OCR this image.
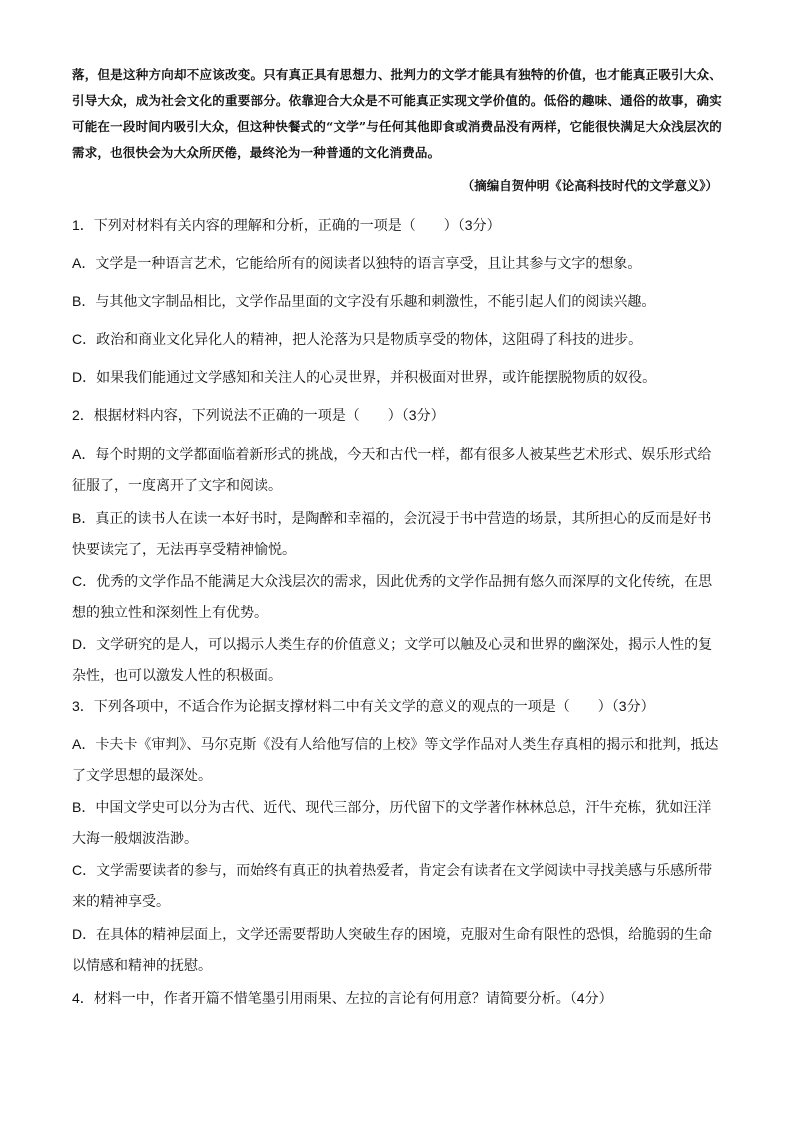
落，但是这种方向却不应该改变。只有真正具有思想力、批判力的文学才能具有独特的价值，也才能真正吸引大众、引导大众，成为社会文化的重要部分。依靠迎合大众是不可能真正实现文学价值的。低俗的趣味、通俗的故事，确实可能在一段时间内吸引大众，但这种快餐式的“文学”与任何其他即食或消费品没有两样，它能很快满足大众浅层次的需求，也很快会为大众所厌倦，最终沦为一种普通的文化消费品。
（摘编自贺仲明《论高科技时代的文学意义》）
1．下列对材料有关内容的理解和分析，正确的一项是（　　）（3分）
A．文学是一种语言艺术，它能给所有的阅读者以独特的语言享受，且让其参与文字的想象。
B．与其他文字制品相比，文学作品里面的文字没有乐趣和刺激性，不能引起人们的阅读兴趣。
C．政治和商业文化异化人的精神，把人沦落为只是物质享受的物体，这阻碍了科技的进步。
D．如果我们能通过文学感知和关注人的心灵世界，并积极面对世界，或许能摆脱物质的奴役。
2．根据材料内容，下列说法不正确的一项是（　　）（3分）
A．每个时期的文学都面临着新形式的挑战，今天和古代一样，都有很多人被某些艺术形式、娱乐形式给征服了，一度离开了文字和阅读。
B．真正的读书人在读一本好书时，是陶醉和幸福的，会沉浸于书中营造的场景，其所担心的反而是好书快要读完了，无法再享受精神愉悦。
C．优秀的文学作品不能满足大众浅层次的需求，因此优秀的文学作品拥有悠久而深厚的文化传统，在思想的独立性和深刻性上有优势。
D．文学研究的是人，可以揭示人类生存的价值意义；文学可以触及心灵和世界的幽深处，揭示人性的复杂性，也可以激发人性的积极面。
3．下列各项中，不适合作为论据支撑材料二中有关文学的意义的观点的一项是（　　）（3分）
A．卡夫卡《审判》、马尔克斯《没有人给他写信的上校》等文学作品对人类生存真相的揭示和批判，抵达了文学思想的最深处。
B．中国文学史可以分为古代、近代、现代三部分，历代留下的文学著作林林总总，汗牛充栋，犹如汪洋大海一般烟波浩渺。
C．文学需要读者的参与，而始终有真正的执着热爱者，肯定会有读者在文学阅读中寻找美感与乐感所带来的精神享受。
D．在具体的精神层面上，文学还需要帮助人突破生存的困境，克服对生命有限性的恐惧，给脆弱的生命以情感和精神的抚慰。
4．材料一中，作者开篇不惜笔墨引用雨果、左拉的言论有何用意？请简要分析。（4分）
